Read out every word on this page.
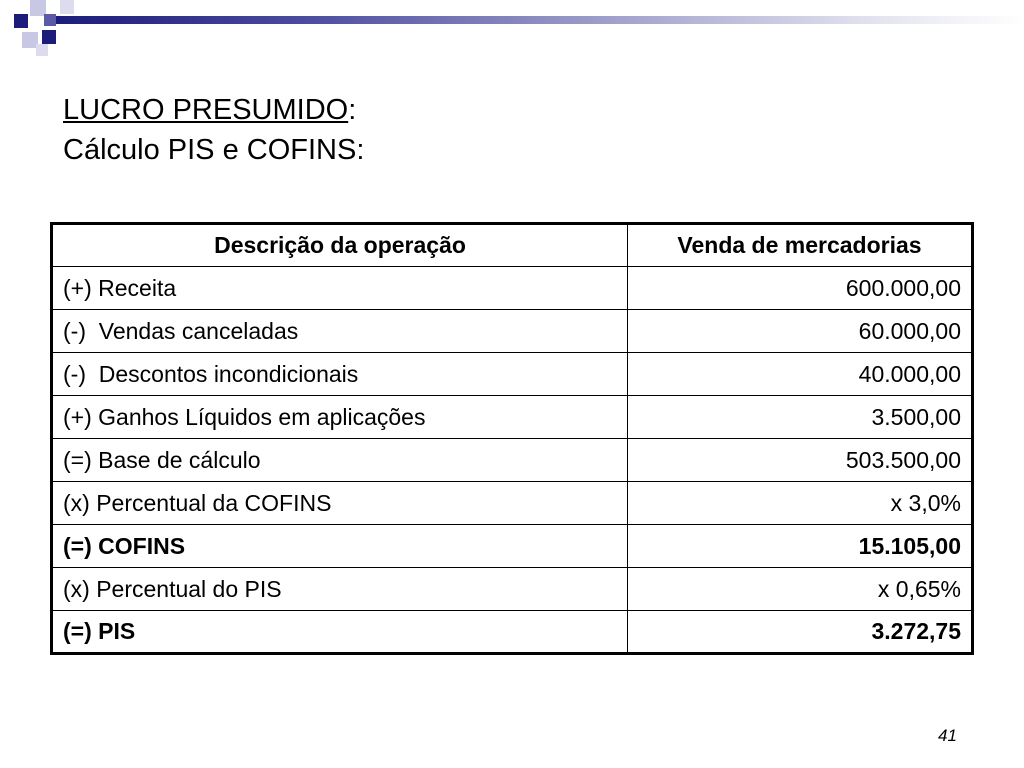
LUCRO PRESUMIDO:
Cálculo PIS e COFINS:
Descrição da operação	Venda de mercadorias
(+) Receita	600.000,00
(-)  Vendas canceladas	60.000,00
(-)  Descontos incondicionais	40.000,00
(+) Ganhos Líquidos em aplicações	3.500,00
(=) Base de cálculo	503.500,00
(x) Percentual da COFINS	x 3,0%
(=) COFINS	15.105,00
(x) Percentual do PIS	x 0,65%
(=) PIS	3.272,75
41
